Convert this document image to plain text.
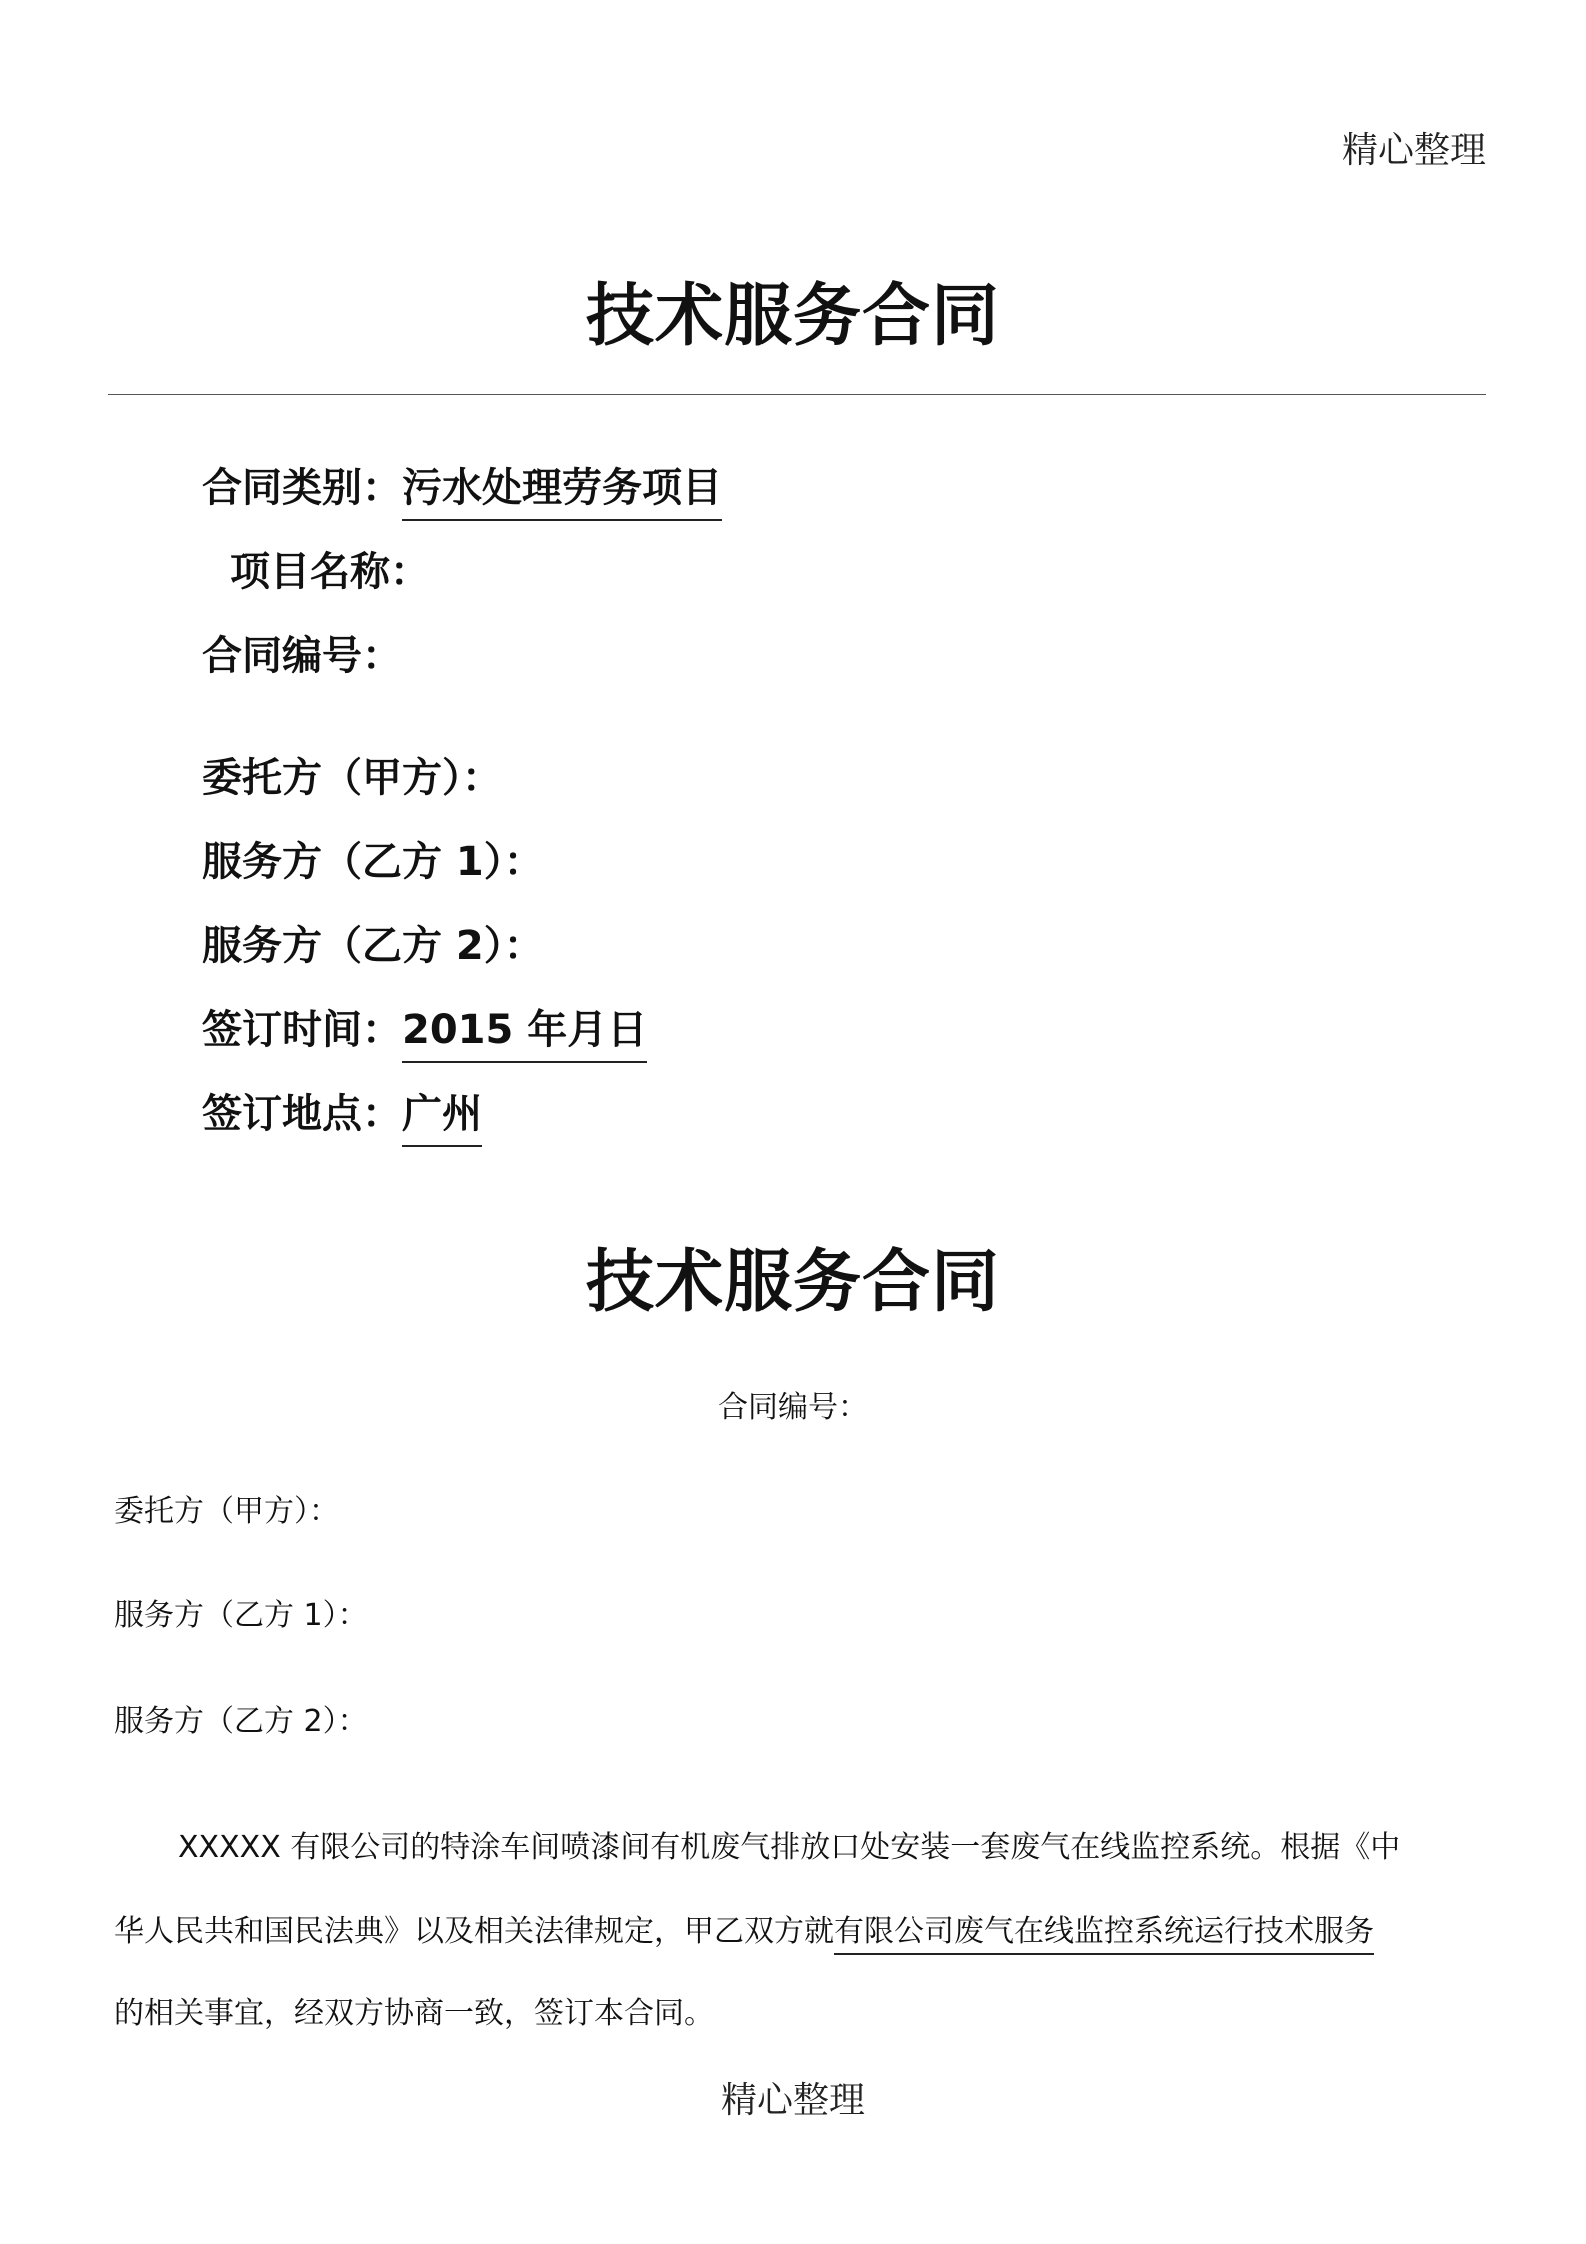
精心整理
技术服务合同
合同类别：污水处理劳务项目
项目名称：
合同编号：
委托方（甲方）：
服务方（乙方 1）：
服务方（乙方 2）：
签订时间：2015 年月日
签订地点：广州
技术服务合同
合同编号：
委托方（甲方）：
服务方（乙方 1）：
服务方（乙方 2）：
XXXXX 有限公司的特涂车间喷漆间有机废气排放口处安装一套废气在线监控系统。根据《中
华人民共和国民法典》以及相关法律规定，甲乙双方就有限公司废气在线监控系统运行技术服务
的相关事宜，经双方协商一致，签订本合同。
精心整理
